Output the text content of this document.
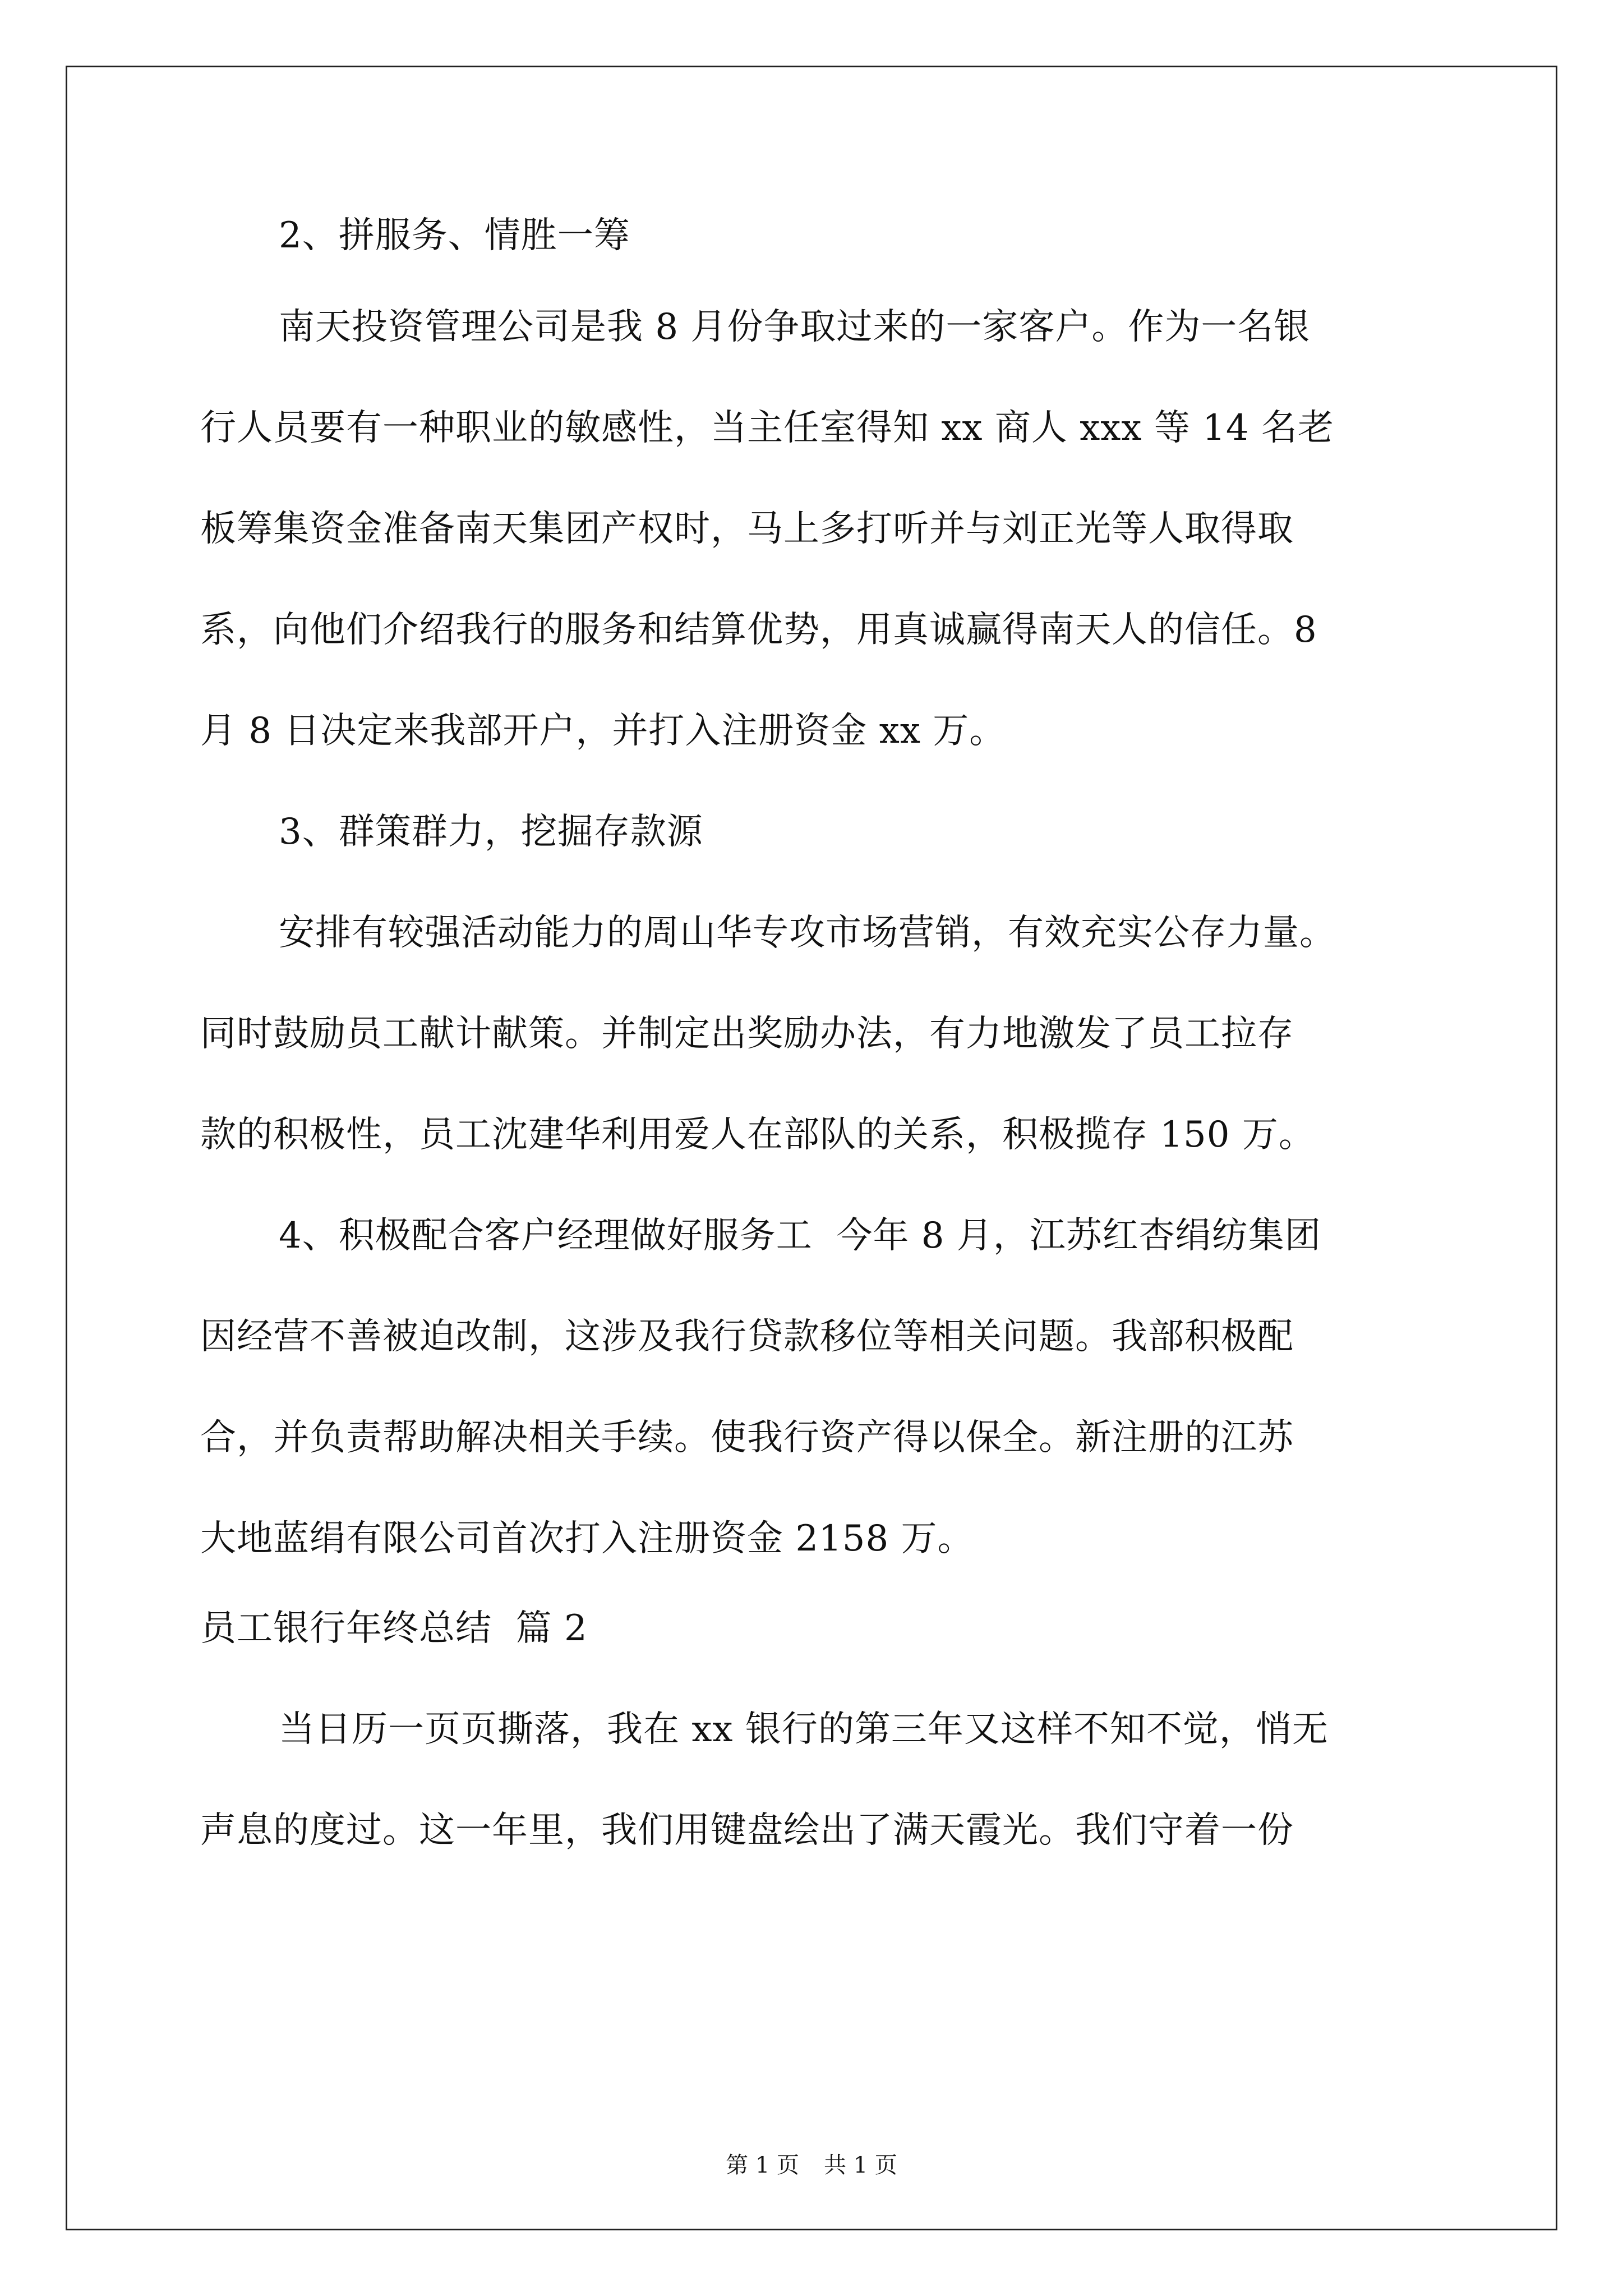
2、拼服务、情胜一筹
南天投资管理公司是我 8 月份争取过来的一家客户。作为一名银
行人员要有一种职业的敏感性，当主任室得知 xx 商人 xxx 等 14 名老
板筹集资金准备南天集团产权时，马上多打听并与刘正光等人取得取
系，向他们介绍我行的服务和结算优势，用真诚赢得南天人的信任。8
月 8 日决定来我部开户，并打入注册资金 xx 万。
3、群策群力，挖掘存款源
安排有较强活动能力的周山华专攻市场营销，有效充实公存力量。
同时鼓励员工献计献策。并制定出奖励办法，有力地激发了员工拉存
款的积极性，员工沈建华利用爱人在部队的关系，积极揽存 150 万。
4、积极配合客户经理做好服务工  今年 8 月，江苏红杏绢纺集团
因经营不善被迫改制，这涉及我行贷款移位等相关问题。我部积极配
合，并负责帮助解决相关手续。使我行资产得以保全。新注册的江苏
大地蓝绢有限公司首次打入注册资金 2158 万。
员工银行年终总结  篇 2
当日历一页页撕落，我在 xx 银行的第三年又这样不知不觉，悄无
声息的度过。这一年里，我们用键盘绘出了满天霞光。我们守着一份
第 1 页 共 1 页
